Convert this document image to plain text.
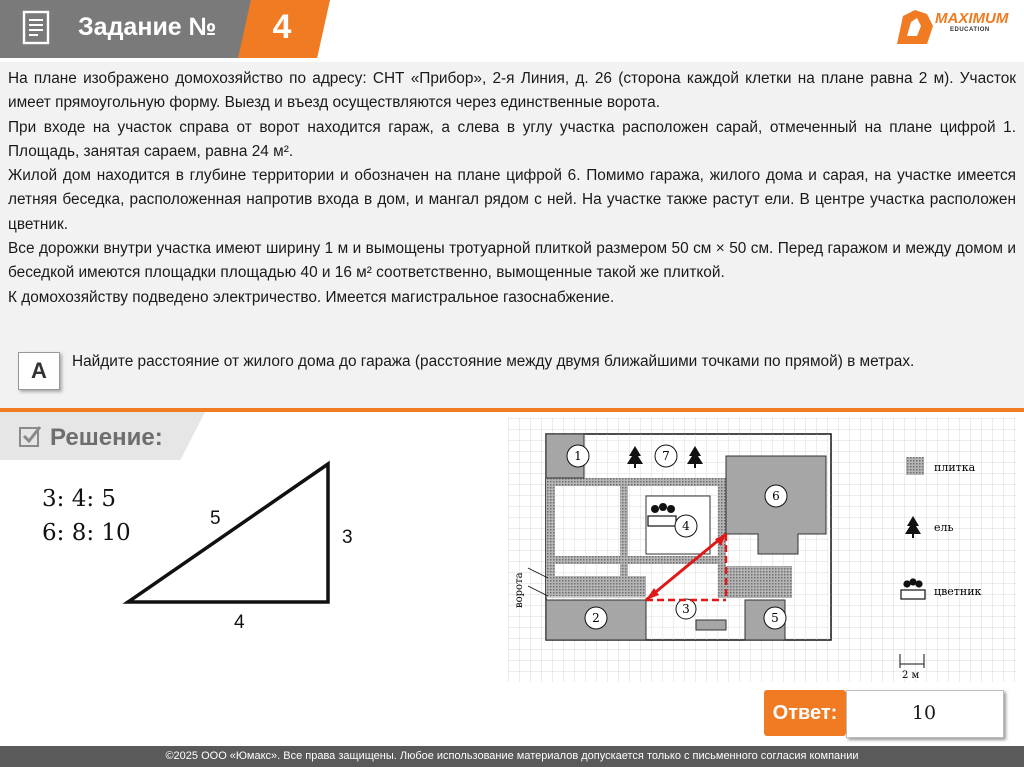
Задание №	4	MAXIMUM
EDUCATION

На плане изображено домохозяйство по адресу: СНТ «Прибор», 2-я Линия, д. 26 (сторона каждой клетки на плане равна 2 м). Участок имеет прямоугольную форму. Выезд и въезд осуществляются через единственные ворота.

При входе на участок справа от ворот находится гараж, а слева в углу участка расположен сарай, отмеченный на плане цифрой 1. Площадь, занятая сараем, равна 24 м².

Жилой дом находится в глубине территории и обозначен на плане цифрой 6. Помимо гаража, жилого дома и сарая, на участке имеется летняя беседка, расположенная напротив входа в дом, и мангал рядом с ней. На участке также растут ели. В центре участка расположен цветник.

Все дорожки внутри участка имеют ширину 1 м и вымощены тротуарной плиткой размером 50 см × 50 см. Перед гаражом и между домом и беседкой имеются площадки площадью 40 и 16 м² соответственно, вымощенные такой же плиткой.

К домохозяйству подведено электричество. Имеется магистральное газоснабжение.

А	Найдите расстояние от жилого дома до гаража (расстояние между двумя ближайшими точками по прямой) в метрах.
Решение:
3: 4: 5
6: 8: 10
5
3
4
1	7
6
4
2
3
5
ворота
плитка
ель
цветник
2 м
Ответ:	10
©2025 ООО «Юмакс». Все права защищены. Любое использование материалов допускается только с письменного согласия компании
